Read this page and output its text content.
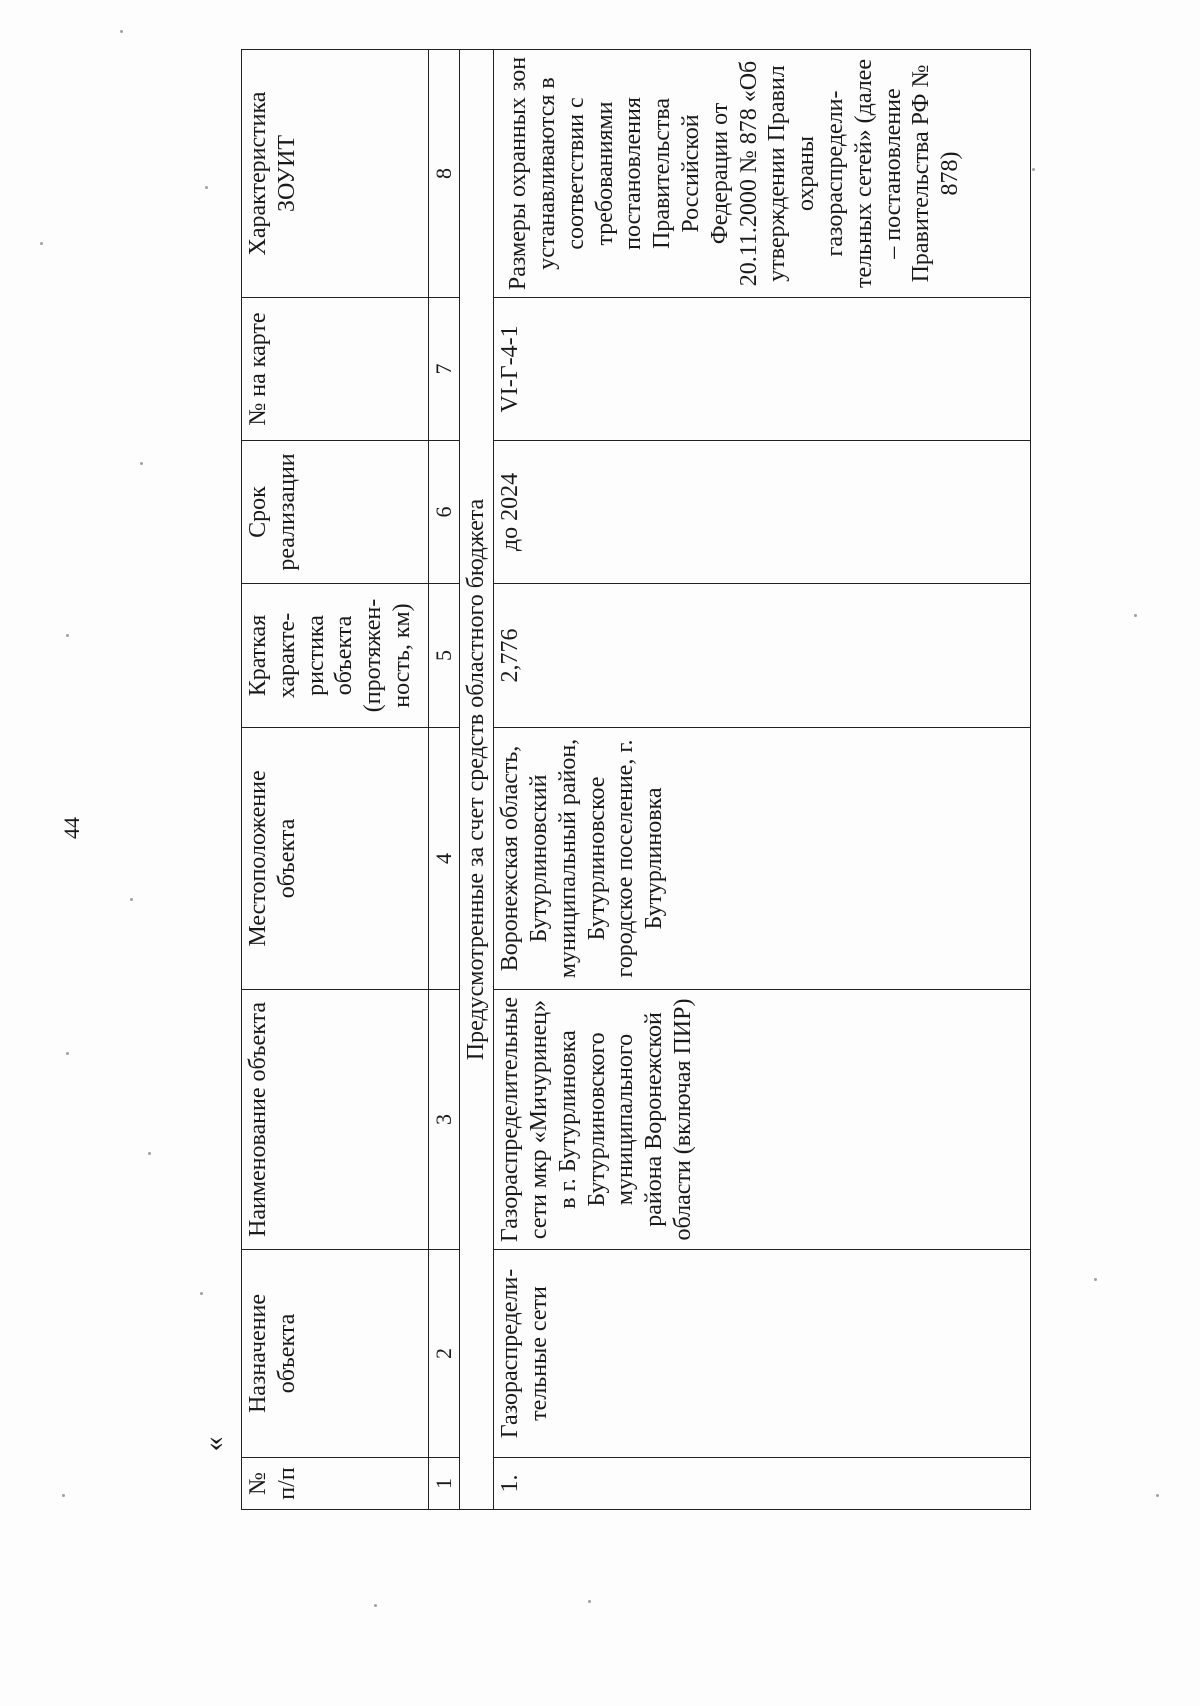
44
«
№ п/п	Назначение объекта	Наименование объекта	Местоположение объекта	Краткая характе-ристика объекта (протяжен-ность, км)	Срок реализации	№ на карте	Характеристика ЗОУИТ
1	2	3	4	5	6	7	8
Предусмотренные за счет средств областного бюджета							
1.	Газораспредели-тельные сети	Газораспределительные сети мкр «Мичуринец» в г. Бутурлиновка Бутурлиновского муниципального района Воронежской области (включая ПИР)	Воронежская область, Бутурлиновский муниципальный район, Бутурлиновское городское поселение, г. Бутурлиновка	2,776	до 2024	VI-Г-4-1	Размеры охранных зон устанавливаются в соответствии с требованиями постановления Правительства Российской Федерации от 20.11.2000 № 878 «Об утверждении Правил охраны газораспредели-тельных сетей» (далее – постановление Правительства РФ № 878)
